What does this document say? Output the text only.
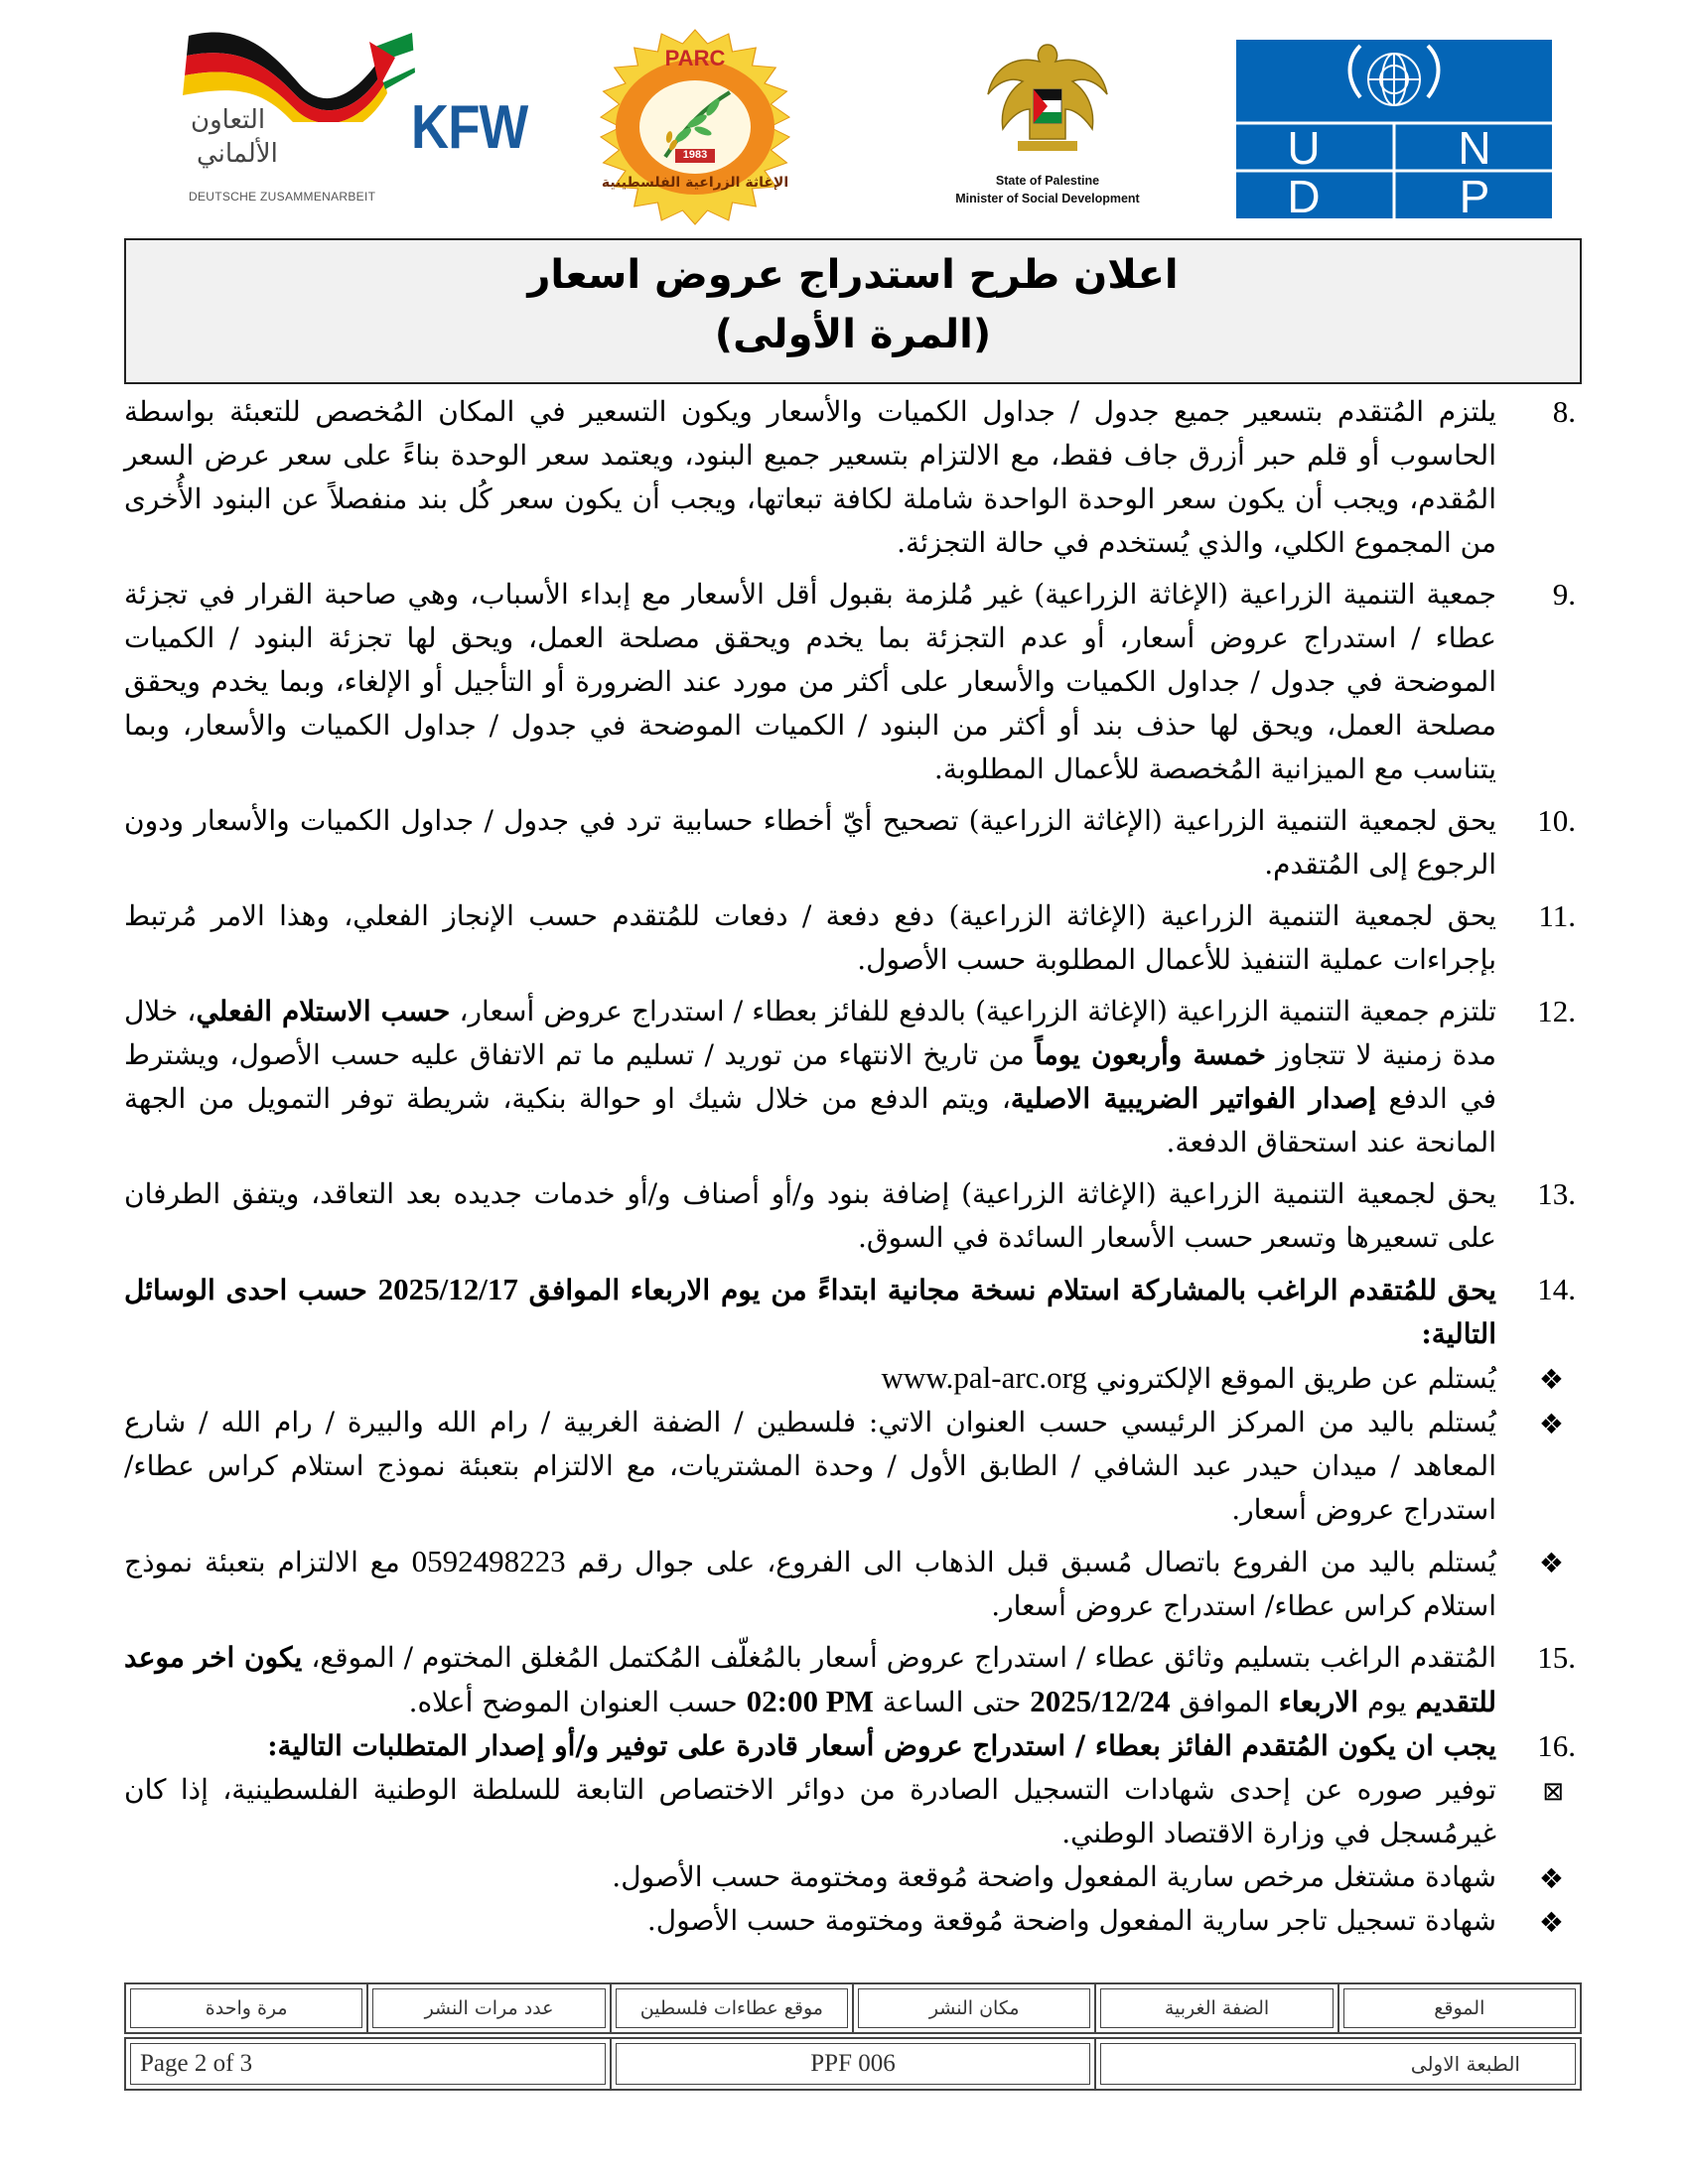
التعاون
الألماني
DEUTSCHE ZUSAMMENARBEIT
KFW
PARC
1983
الإغاثة الزراعية الفلسطينية	State of Palestine
Minister of Social Development
U	N
D	P
اعلان طرح استدراج عروض اسعار
(المرة الأولى)
8.

يلتزم المُتقدم بتسعير جميع جدول / جداول الكميات والأسعار ويكون التسعير في المكان المُخصص للتعبئة بواسطة الحاسوب أو قلم حبر أزرق جاف فقط، مع الالتزام بتسعير جميع البنود، ويعتمد سعر الوحدة بناءً على سعر عرض السعر المُقدم، ويجب أن يكون سعر الوحدة الواحدة شاملة لكافة تبعاتها، ويجب أن يكون سعر كُل بند منفصلاً عن البنود الأُخرى من المجموع الكلي، والذي يُستخدم في حالة التجزئة.

9.

جمعية التنمية الزراعية (الإغاثة الزراعية) غير مُلزمة بقبول أقل الأسعار مع إبداء الأسباب، وهي صاحبة القرار في تجزئة عطاء / استدراج عروض أسعار، أو عدم التجزئة بما يخدم ويحقق مصلحة العمل، ويحق لها تجزئة البنود / الكميات الموضحة في جدول / جداول الكميات والأسعار على أكثر من مورد عند الضرورة أو التأجيل أو الإلغاء، وبما يخدم ويحقق مصلحة العمل، ويحق لها حذف بند أو أكثر من البنود / الكميات الموضحة في جدول / جداول الكميات والأسعار، وبما يتناسب مع الميزانية المُخصصة للأعمال المطلوبة.

10.

يحق لجمعية التنمية الزراعية (الإغاثة الزراعية) تصحيح أيّ أخطاء حسابية ترد في جدول / جداول الكميات والأسعار ودون الرجوع إلى المُتقدم.

11.

يحق لجمعية التنمية الزراعية (الإغاثة الزراعية) دفع دفعة / دفعات للمُتقدم حسب الإنجاز الفعلي، وهذا الامر مُرتبط بإجراءات عملية التنفيذ للأعمال المطلوبة حسب الأصول.

12.

تلتزم جمعية التنمية الزراعية (الإغاثة الزراعية) بالدفع للفائز بعطاء / استدراج عروض أسعار، حسب الاستلام الفعلي، خلال مدة زمنية لا تتجاوز خمسة وأربعون يوماً من تاريخ الانتهاء من توريد / تسليم ما تم الاتفاق عليه حسب الأصول، ويشترط في الدفع إصدار الفواتير الضريبية الاصلية، ويتم الدفع من خلال شيك او حوالة بنكية، شريطة توفر التمويل من الجهة المانحة عند استحقاق الدفعة.

13.

يحق لجمعية التنمية الزراعية (الإغاثة الزراعية) إضافة بنود و/أو أصناف و/أو خدمات جديده بعد التعاقد، ويتفق الطرفان على تسعيرها وتسعر حسب الأسعار السائدة في السوق.

14.

يحق للمُتقدم الراغب بالمشاركة استلام نسخة مجانية ابتداءً من يوم الاربعاء الموافق 2025/12/17 حسب احدى الوسائل التالية:

❖

يُستلم عن طريق الموقع الإلكتروني www.pal-arc.org

❖

يُستلم باليد من المركز الرئيسي حسب العنوان الاتي: فلسطين / الضفة الغربية / رام الله والبيرة / رام الله / شارع المعاهد / ميدان حيدر عبد الشافي / الطابق الأول / وحدة المشتريات، مع الالتزام بتعبئة نموذج استلام كراس عطاء/ استدراج عروض أسعار.

❖

يُستلم باليد من الفروع باتصال مُسبق قبل الذهاب الى الفروع، على جوال رقم 0592498223 مع الالتزام بتعبئة نموذج استلام كراس عطاء/ استدراج عروض أسعار.

15.

المُتقدم الراغب بتسليم وثائق عطاء / استدراج عروض أسعار بالمُغلّف المُكتمل المُغلق المختوم / الموقع، يكون اخر موعد للتقديم يوم الاربعاء الموافق 2025/12/24 حتى الساعة 02:00 PM حسب العنوان الموضح أعلاه.

16.

يجب ان يكون المُتقدم الفائز بعطاء / استدراج عروض أسعار قادرة على توفير و/أو إصدار المتطلبات التالية:

⊠

توفير صوره عن إحدى شهادات التسجيل الصادرة من دوائر الاختصاص التابعة للسلطة الوطنية الفلسطينية، إذا كان غيرمُسجل في وزارة الاقتصاد الوطني.

❖

شهادة مشتغل مرخص سارية المفعول واضحة مُوقعة ومختومة حسب الأصول.

❖

شهادة تسجيل تاجر سارية المفعول واضحة مُوقعة ومختومة حسب الأصول.

الموقع	الضفة الغربية	مكان النشر	موقع عطاءات فلسطين	عدد مرات النشر	مرة واحدة
الطبعة الاولى	PPF 006	Page 2 of 3
